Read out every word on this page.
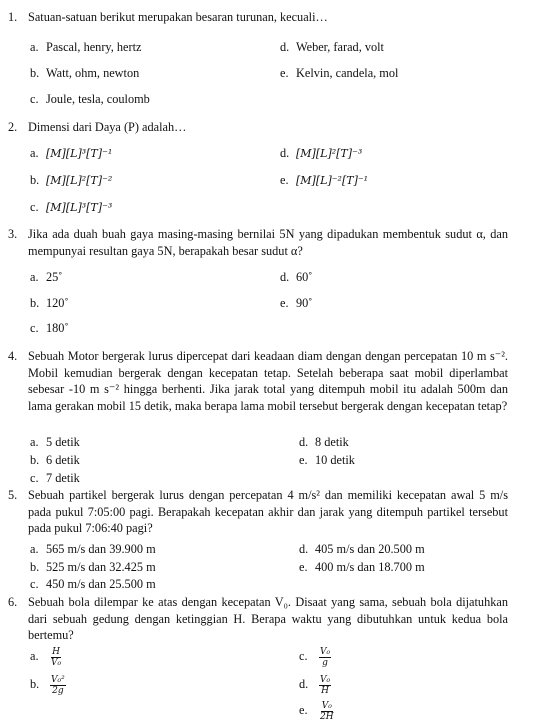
1. Satuan-satuan berikut merupakan besaran turunan, kecuali…
a. Pascal, henry, hertz	d. Weber, farad, volt
b. Watt, ohm, newton	e. Kelvin, candela, mol
c. Joule, tesla, coulomb
2. Dimensi dari Daya (P) adalah…
a. [M][L]³[T]⁻¹	d. [M][L]²[T]⁻³
b. [M][L]²[T]⁻²	e. [M][L]⁻²[T]⁻¹
c. [M][L]³[T]⁻³
3. Jika ada duah buah gaya masing-masing bernilai 5N yang dipadukan membentuk sudut α, dan mempunyai resultan gaya 5N, berapakah besar sudut α?
a. 25˚	d. 60˚
b. 120˚	e. 90˚
c. 180˚
4. Sebuah Motor bergerak lurus dipercepat dari keadaan diam dengan dengan percepatan 10 m s⁻². Mobil kemudian bergerak dengan kecepatan tetap. Setelah beberapa saat mobil diperlambat sebesar -10 m s⁻² hingga berhenti. Jika jarak total yang ditempuh mobil itu adalah 500m dan lama gerakan mobil 15 detik, maka berapa lama mobil tersebut bergerak dengan kecepatan tetap?
a. 5 detik	d. 8 detik
b. 6 detik	e. 10 detik
c. 7 detik
5. Sebuah partikel bergerak lurus dengan percepatan 4 m/s² dan memiliki kecepatan awal 5 m/s pada pukul 7:05:00 pagi. Berapakah kecepatan akhir dan jarak yang ditempuh partikel tersebut pada pukul 7:06:40 pagi?
a. 565 m/s dan 39.900 m	d. 405 m/s dan 20.500 m
b. 525 m/s dan 32.425 m	e. 400 m/s dan 18.700 m
c. 450 m/s dan 25.500 m
6. Sebuah bola dilempar ke atas dengan kecepatan V₀. Disaat yang sama, sebuah bola dijatuhkan dari sebuah gedung dengan ketinggian H. Berapa waktu yang dibutuhkan untuk kedua bola bertemu?
a. $\frac{H}{\text{V₀}}$	c. $\frac{\text{V₀}}{g}$
b. $\frac{\text{V₀²}}{2g}$	d. $\frac{\text{V₀}}{H}$
e. $\frac{\text{V₀}}{2H}$
